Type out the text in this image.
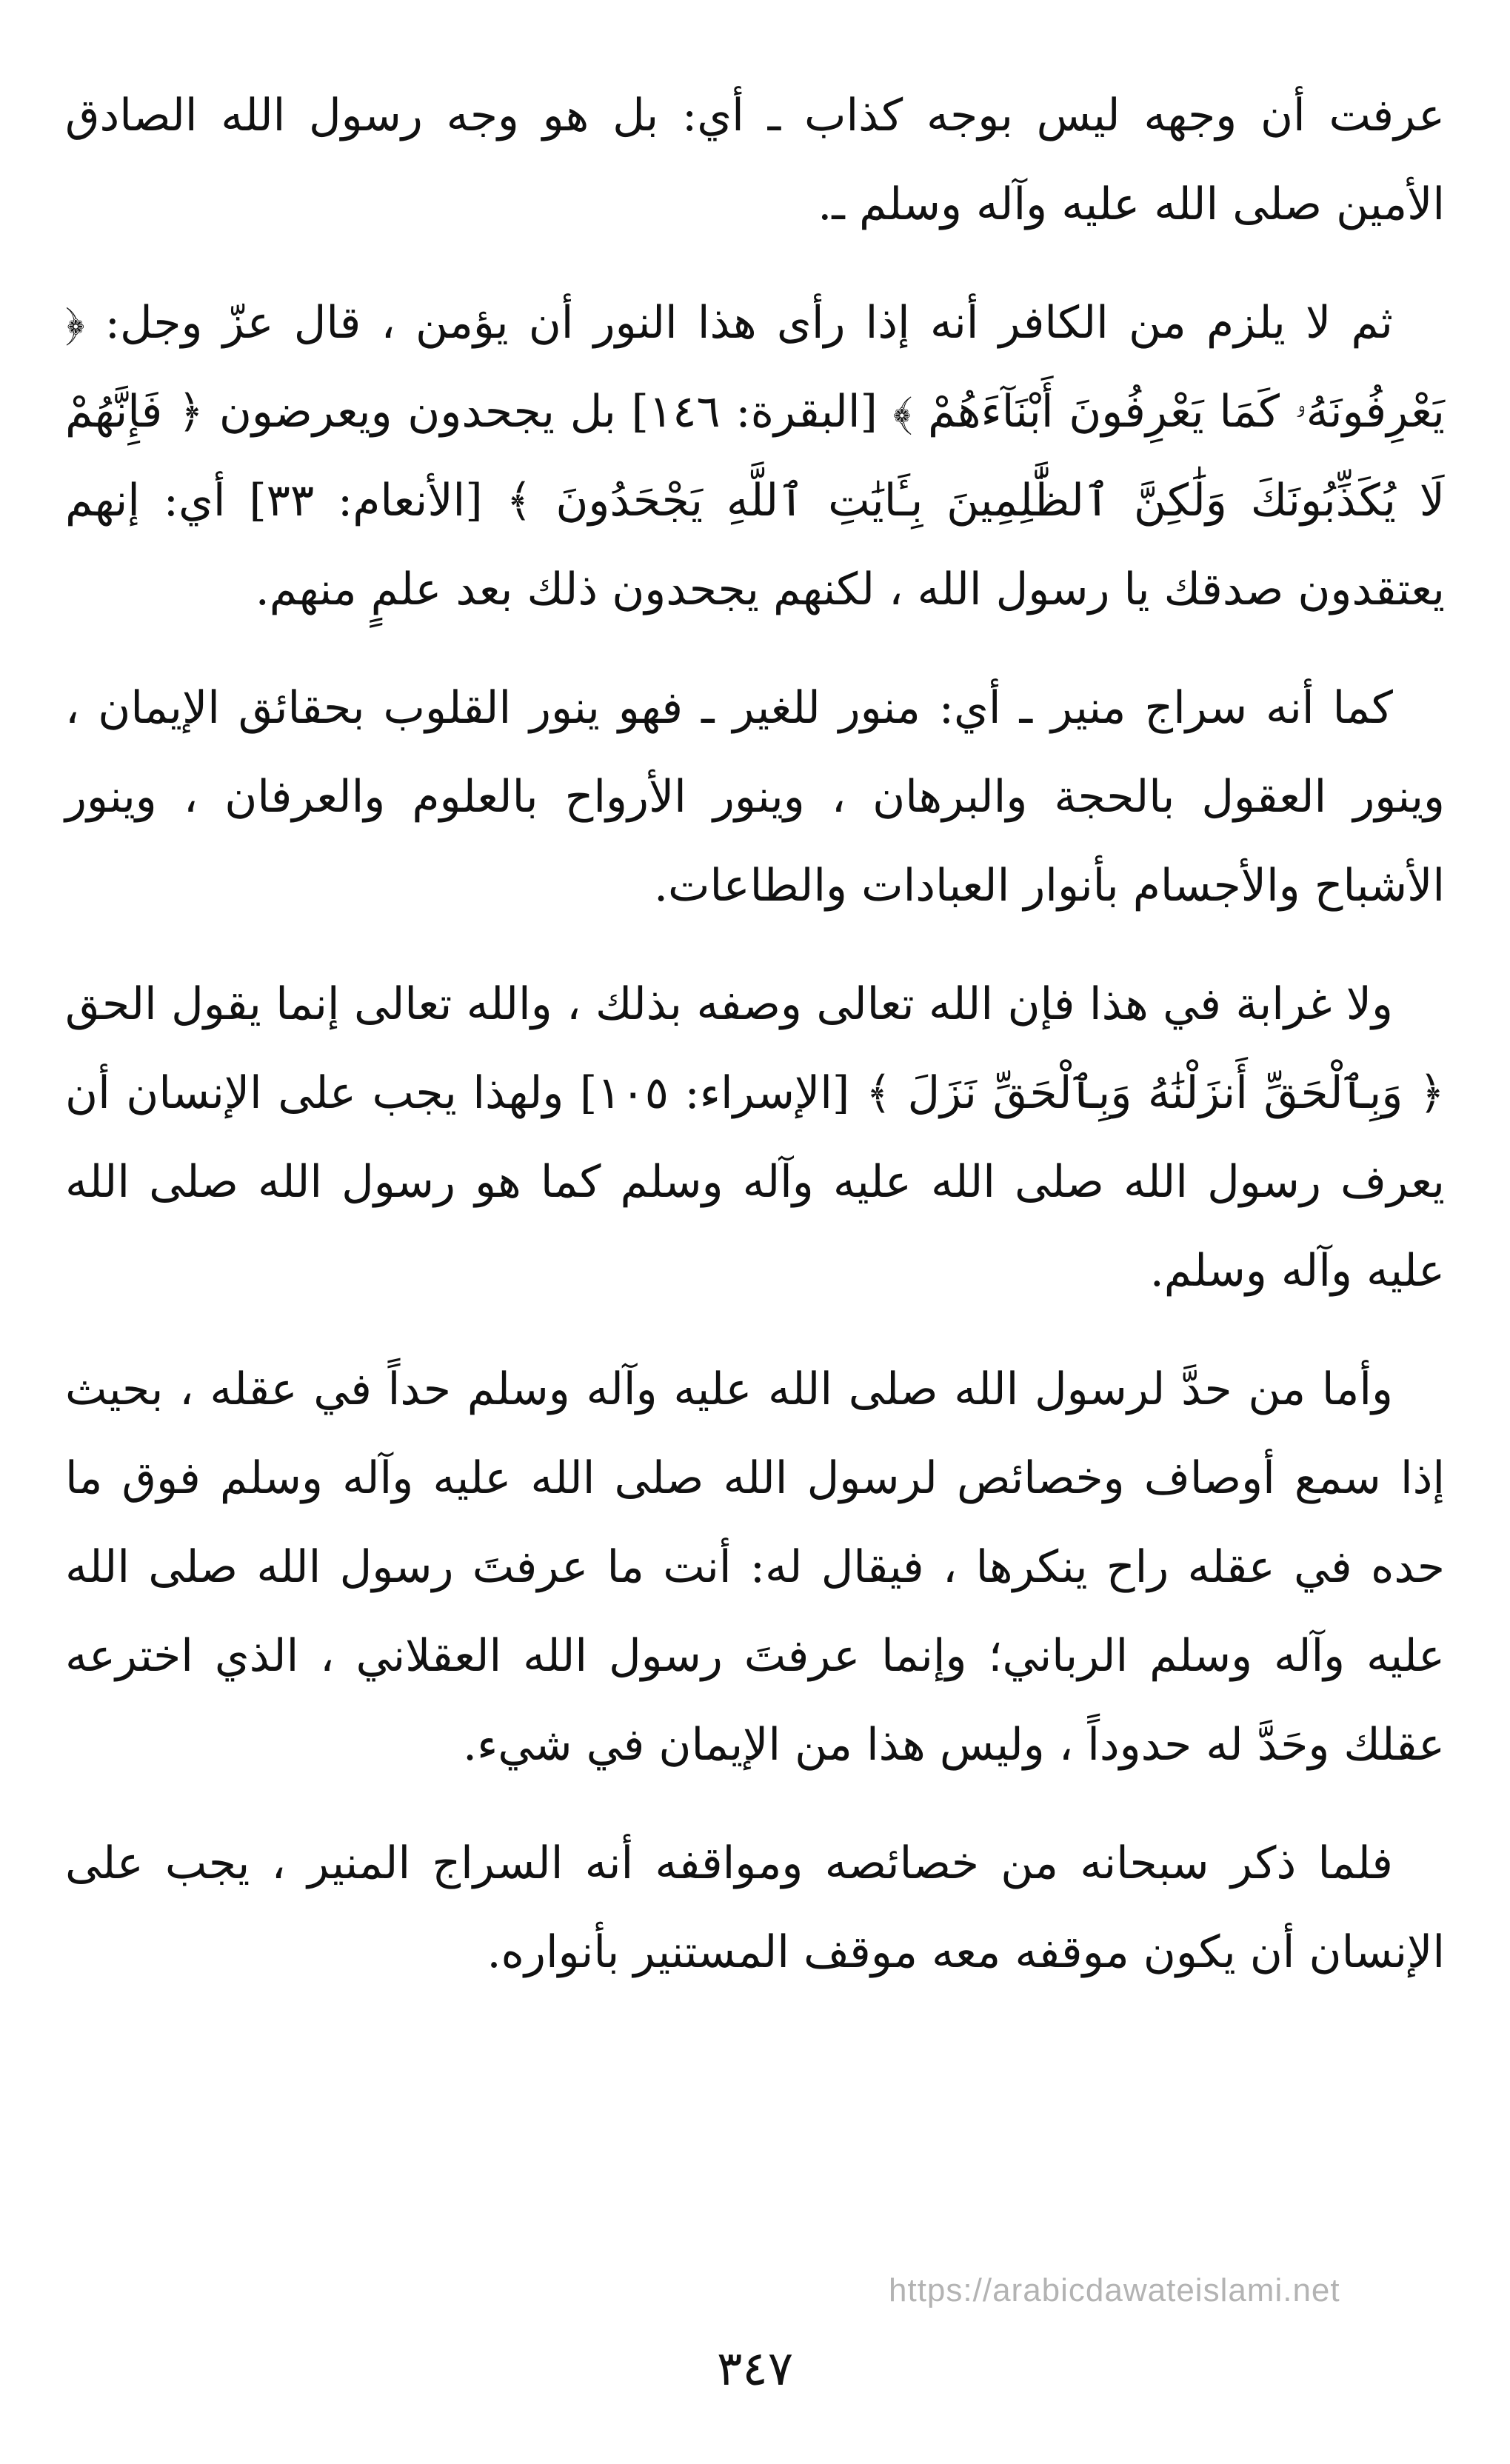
عرفت أن وجهه ليس بوجه كذاب ـ أي: بل هو وجه رسول الله الصادق الأمين صلى الله عليه وآله وسلم ـ.

ثم لا يلزم من الكافر أنه إذا رأى هذا النور أن يؤمن ، قال عزّ وجل: ﴿ يَعْرِفُونَهُۥ كَمَا يَعْرِفُونَ أَبْنَآءَهُمْ ﴾ [البقرة: ١٤٦] بل يجحدون ويعرضون ﴿ فَإِنَّهُمْ لَا يُكَذِّبُونَكَ وَلَٰكِنَّ ٱلظَّٰلِمِينَ بِـَٔايَٰتِ ٱللَّهِ يَجْحَدُونَ ﴾ [الأنعام: ٣٣] أي: إنهم يعتقدون صدقك يا رسول الله ، لكنهم يجحدون ذلك بعد علمٍ منهم.

كما أنه سراج منير ـ أي: منور للغير ـ فهو ينور القلوب بحقائق الإيمان ، وينور العقول بالحجة والبرهان ، وينور الأرواح بالعلوم والعرفان ، وينور الأشباح والأجسام بأنوار العبادات والطاعات.

ولا غرابة في هذا فإن الله تعالى وصفه بذلك ، والله تعالى إنما يقول الحق ﴿ وَبِٱلْحَقِّ أَنزَلْنَٰهُ وَبِٱلْحَقِّ نَزَلَ ﴾ [الإسراء: ١٠٥] ولهذا يجب على الإنسان أن يعرف رسول الله صلى الله عليه وآله وسلم كما هو رسول الله صلى الله عليه وآله وسلم.

وأما من حدَّ لرسول الله صلى الله عليه وآله وسلم حداً في عقله ، بحيث إذا سمع أوصاف وخصائص لرسول الله صلى الله عليه وآله وسلم فوق ما حده في عقله راح ينكرها ، فيقال له: أنت ما عرفتَ رسول الله صلى الله عليه وآله وسلم الرباني؛ وإنما عرفتَ رسول الله العقلاني ، الذي اخترعه عقلك وحَدَّ له حدوداً ، وليس هذا من الإيمان في شيء.

فلما ذكر سبحانه من خصائصه ومواقفه أنه السراج المنير ، يجب على الإنسان أن يكون موقفه معه موقف المستنير بأنواره.

https://arabicdawateislami.net
٣٤٧
